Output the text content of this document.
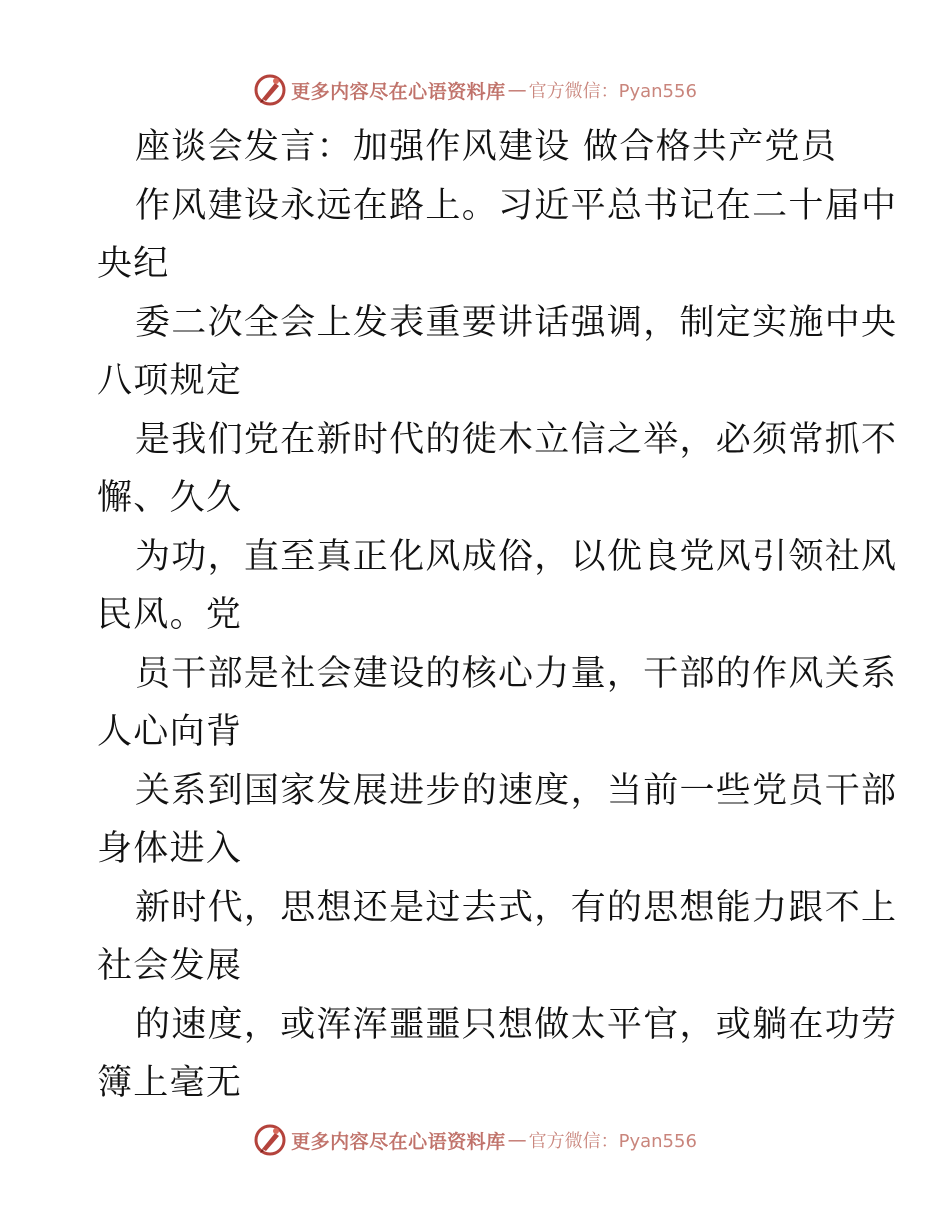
更多内容尽在心语资料库 — 官方微信：Pyan556
座谈会发言：加强作风建设 做合格共产党员
作风建设永远在路上。习近平总书记在二十届中
央纪
委二次全会上发表重要讲话强调，制定实施中央
八项规定
是我们党在新时代的徙木立信之举，必须常抓不
懈、久久
为功，直至真正化风成俗，以优良党风引领社风
民风。党
员干部是社会建设的核心力量，干部的作风关系
人心向背
关系到国家发展进步的速度，当前一些党员干部
身体进入
新时代，思想还是过去式，有的思想能力跟不上
社会发展
的速度，或浑浑噩噩只想做太平官，或躺在功劳
簿上毫无
更多内容尽在心语资料库 — 官方微信：Pyan556
